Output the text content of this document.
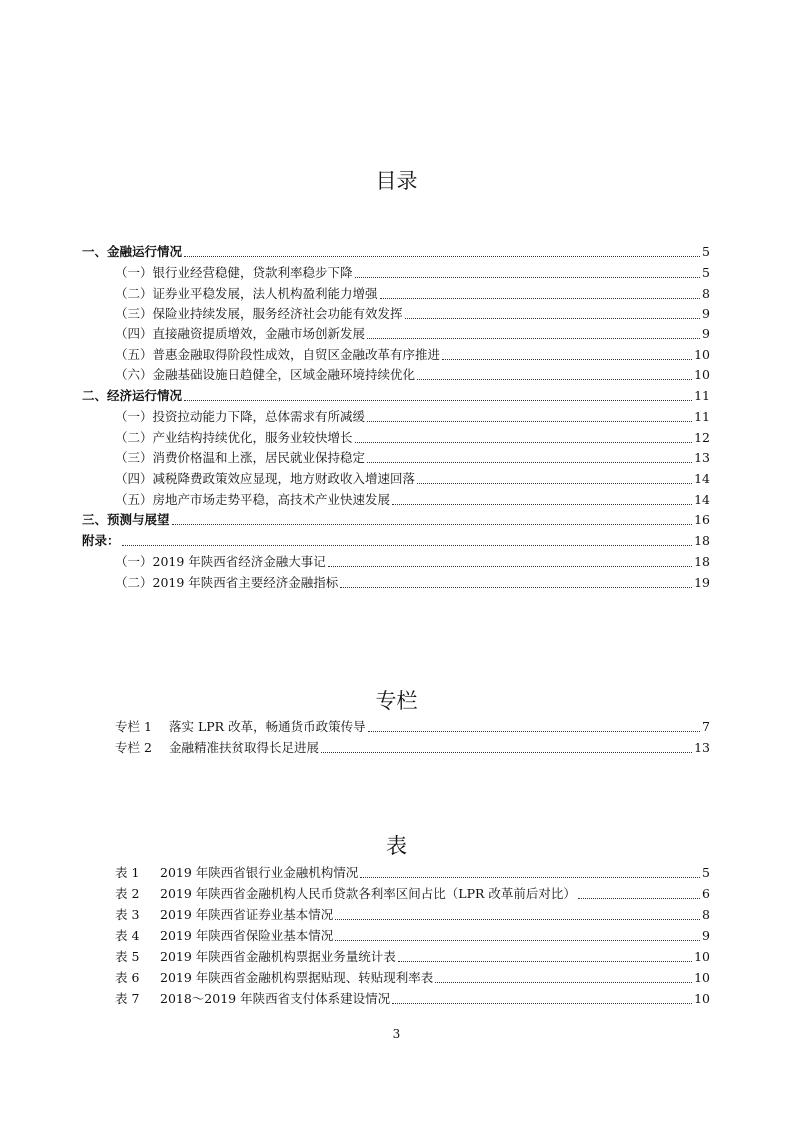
目录
一、金融运行情况	5
（一）银行业经营稳健，贷款利率稳步下降	5
（二）证券业平稳发展，法人机构盈利能力增强	8
（三）保险业持续发展，服务经济社会功能有效发挥	9
（四）直接融资提质增效，金融市场创新发展	9
（五）普惠金融取得阶段性成效，自贸区金融改革有序推进	10
（六）金融基础设施日趋健全，区域金融环境持续优化	10
二、经济运行情况	11
（一）投资拉动能力下降，总体需求有所减缓	11
（二）产业结构持续优化，服务业较快增长	12
（三）消费价格温和上涨，居民就业保持稳定	13
（四）减税降费政策效应显现，地方财政收入增速回落	14
（五）房地产市场走势平稳，高技术产业快速发展	14
三、预测与展望	16
附录：	18
（一）2019 年陕西省经济金融大事记	18
（二）2019 年陕西省主要经济金融指标	19
专栏
专栏 1	落实 LPR 改革，畅通货币政策传导	7
专栏 2	金融精准扶贫取得长足进展	13
表
表 1	2019 年陕西省银行业金融机构情况	5
表 2	2019 年陕西省金融机构人民币贷款各利率区间占比（LPR 改革前后对比）	6
表 3	2019 年陕西省证券业基本情况	8
表 4	2019 年陕西省保险业基本情况	9
表 5	2019 年陕西省金融机构票据业务量统计表	10
表 6	2019 年陕西省金融机构票据贴现、转贴现利率表	10
表 7	2018～2019 年陕西省支付体系建设情况	10
3
